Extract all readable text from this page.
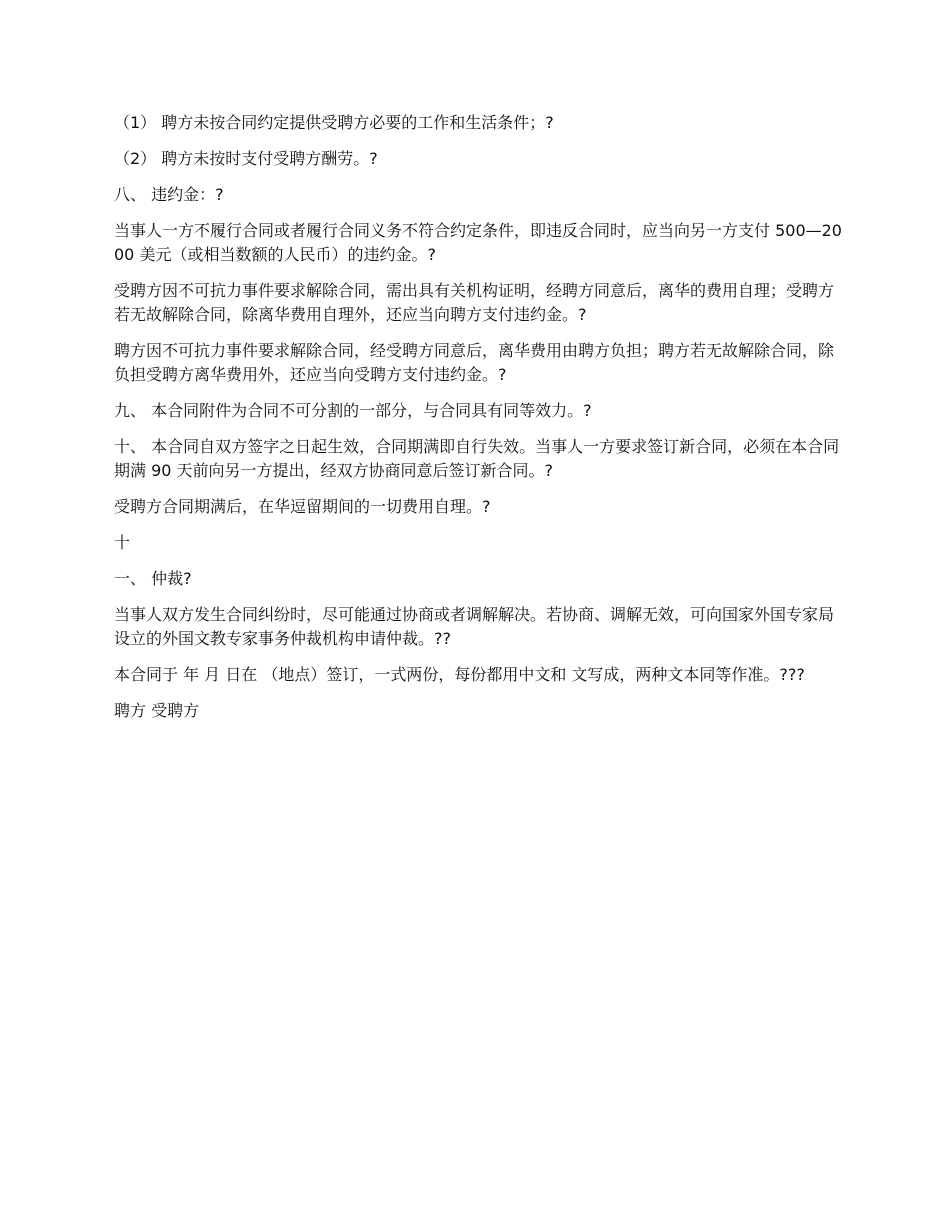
（1） 聘方未按合同约定提供受聘方必要的工作和生活条件；?

（2） 聘方未按时支付受聘方酬劳。?

八、 违约金：?

当事人一方不履行合同或者履行合同义务不符合约定条件，即违反合同时，应当向另一方支付 500—2000 美元（或相当数额的人民币）的违约金。?

受聘方因不可抗力事件要求解除合同，需出具有关机构证明，经聘方同意后，离华的费用自理；受聘方若无故解除合同，除离华费用自理外，还应当向聘方支付违约金。?

聘方因不可抗力事件要求解除合同，经受聘方同意后，离华费用由聘方负担；聘方若无故解除合同，除负担受聘方离华费用外，还应当向受聘方支付违约金。?

九、 本合同附件为合同不可分割的一部分，与合同具有同等效力。?

十、 本合同自双方签字之日起生效，合同期满即自行失效。当事人一方要求签订新合同，必须在本合同期满 90 天前向另一方提出，经双方协商同意后签订新合同。?

受聘方合同期满后，在华逗留期间的一切费用自理。?

十

一、 仲裁?

当事人双方发生合同纠纷时，尽可能通过协商或者调解解决。若协商、调解无效，可向国家外国专家局设立的外国文教专家事务仲裁机构申请仲裁。??

本合同于 年 月 日在 （地点）签订，一式两份，每份都用中文和 文写成，两种文本同等作准。???

聘方 受聘方
